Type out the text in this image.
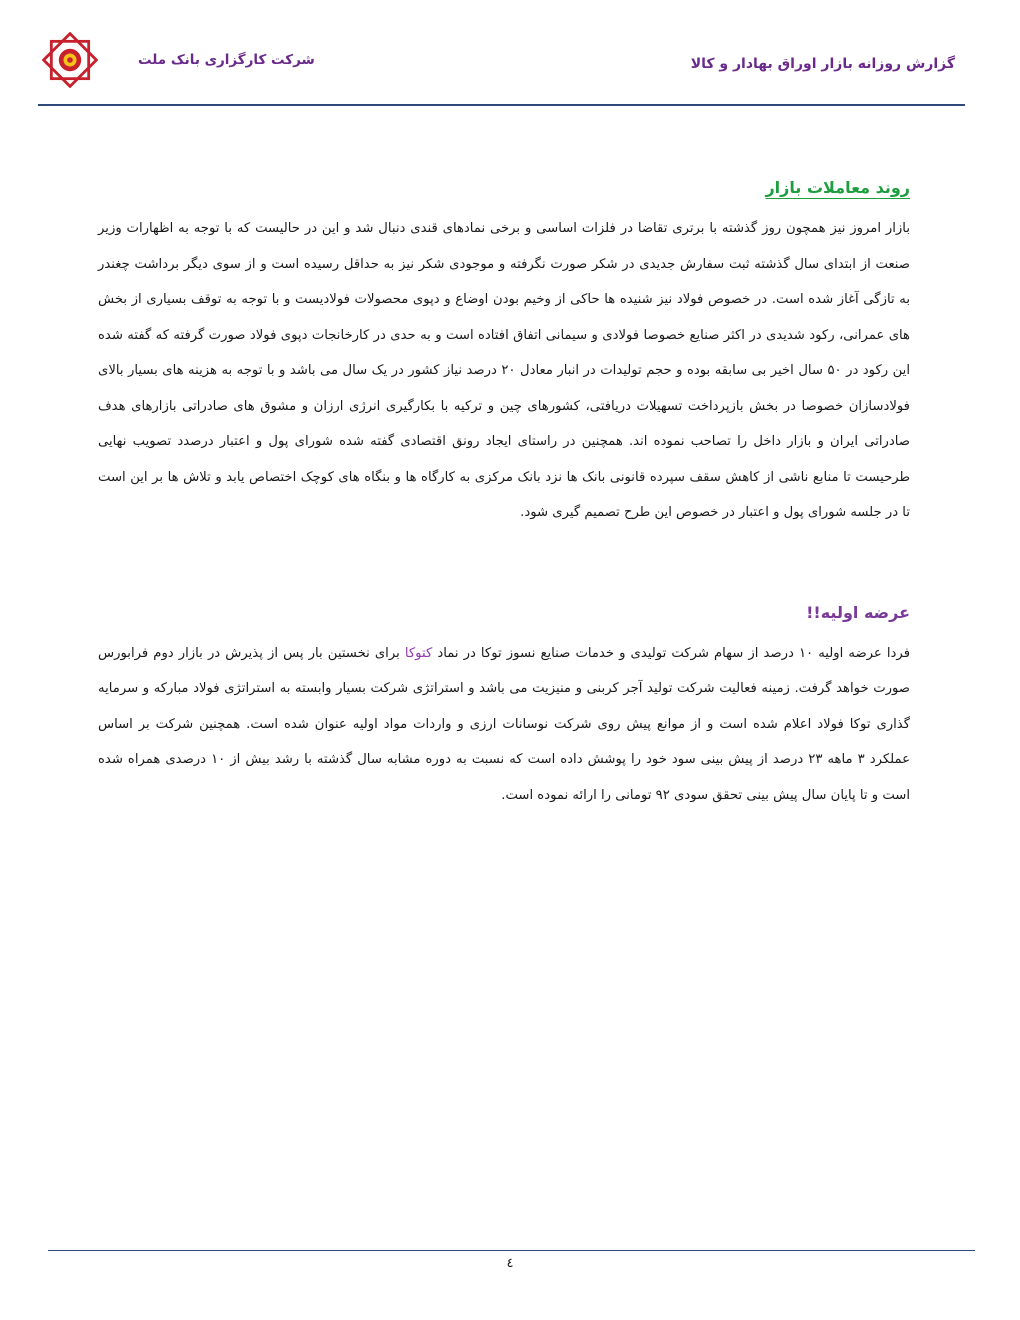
گزارش روزانه بازار اوراق بهادار و کالا
شرکت کارگزاری بانک ملت
روند معاملات بازار

بازار امروز نیز همچون روز گذشته با برتری تقاضا در فلزات اساسی و برخی نمادهای قندی دنبال شد و این در حالیست که با توجه به اظهارات وزیر صنعت از ابتدای سال گذشته ثبت سفارش جدیدی در شکر صورت نگرفته و موجودی شکر نیز به حداقل رسیده است و از سوی دیگر برداشت چغندر به تازگی آغاز شده است. در خصوص فولاد نیز شنیده ها حاکی از وخیم بودن اوضاع و دپوی محصولات فولادیست و با توجه به توقف بسیاری از بخش های عمرانی، رکود شدیدی در اکثر صنایع خصوصا فولادی و سیمانی اتفاق افتاده است و به حدی در کارخانجات دپوی فولاد صورت گرفته که گفته شده این رکود در ۵۰ سال اخیر بی سابقه بوده و حجم تولیدات در انبار معادل ۲۰ درصد نیاز کشور در یک سال می باشد و با توجه به هزینه های بسیار بالای فولادسازان خصوصا در بخش بازپرداخت تسهیلات دریافتی، کشورهای چین و ترکیه با بکارگیری انرژی ارزان و مشوق های صادراتی بازارهای هدف صادراتی ایران و بازار داخل را تصاحب نموده اند. همچنین در راستای ایجاد رونق اقتصادی گفته شده شورای پول و اعتبار درصدد تصویب نهایی طرحیست تا منابع ناشی از کاهش سقف سپرده قانونی بانک ها نزد بانک مرکزی به کارگاه ها و بنگاه های کوچک اختصاص یابد و تلاش ها بر این است تا در جلسه شورای پول و اعتبار در خصوص این طرح تصمیم گیری شود.

عرضه اولیه!!

فردا عرضه اولیه ۱۰ درصد از سهام شرکت تولیدی و خدمات صنایع نسوز توکا در نماد کتوکا برای نخستین بار پس از پذیرش در بازار دوم فرابورس صورت خواهد گرفت. زمینه فعالیت شرکت تولید آجر کربنی و منیزیت می باشد و استراتژی شرکت بسیار وابسته به استراتژی فولاد مبارکه و سرمایه گذاری توکا فولاد اعلام شده است و از موانع پیش روی شرکت نوسانات ارزی و واردات مواد اولیه عنوان شده است. همچنین شرکت بر اساس عملکرد ۳ ماهه ۲۳ درصد از پیش بینی سود خود را پوشش داده است که نسبت به دوره مشابه سال گذشته با رشد بیش از ۱۰ درصدی همراه شده است و تا پایان سال پیش بینی تحقق سودی ۹۲ تومانی را ارائه نموده است.

٤
